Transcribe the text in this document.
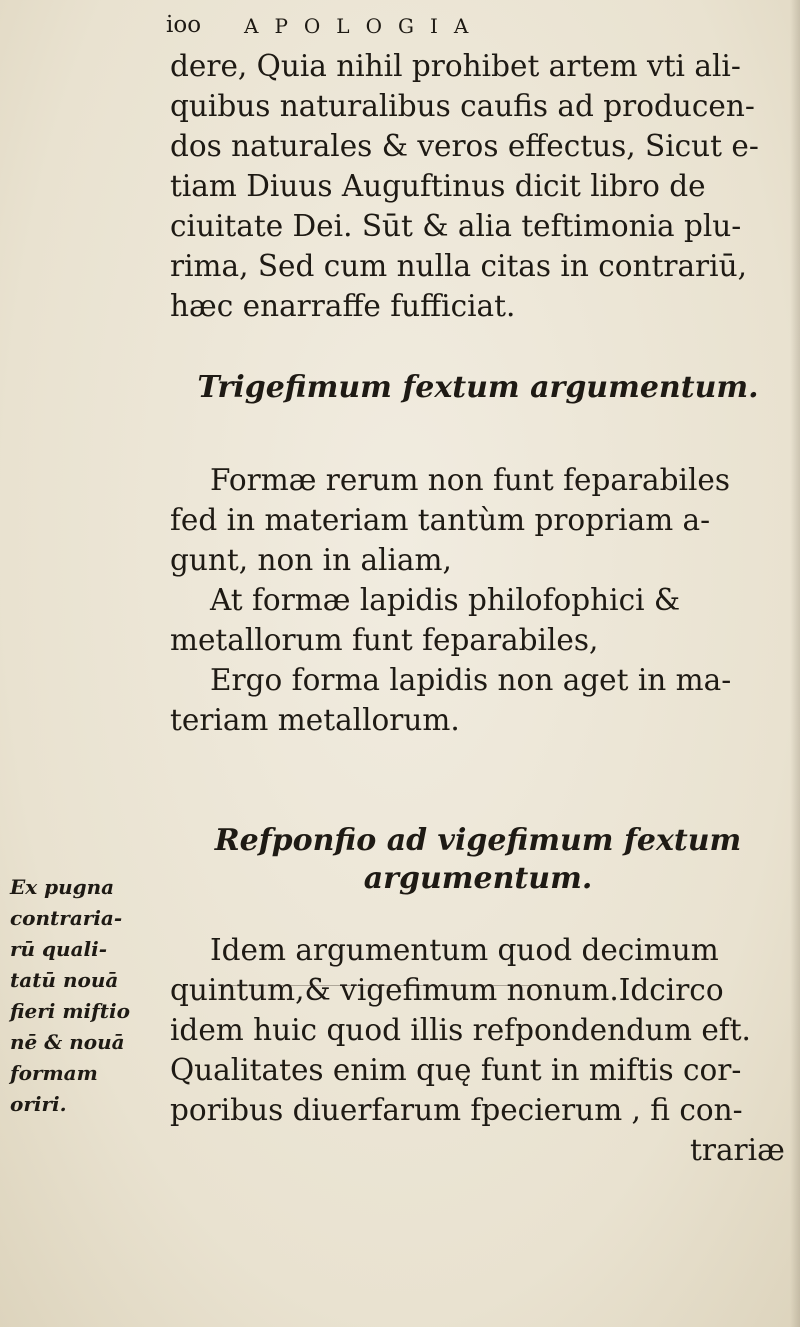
ioo APOLOGIA
dere, Quia nihil prohibet artem vti ali-
quibus naturalibus caufis ad producen-
dos naturales & veros effectus, Sicut e-
tiam Diuus Auguftinus dicit libro de
ciuitate Dei. Sūt & alia teftimonia plu-
rima, Sed cum nulla citas in contrariū,
hæc enarraffe fufficiat.
Trigefimum fextum argumentum.
Formæ rerum non funt feparabiles
fed in materiam tantùm propriam a-
gunt, non in aliam,
At formæ lapidis philofophici &
metallorum funt feparabiles,
Ergo forma lapidis non aget in ma-
teriam metallorum.
Refponfio ad vigefimum fextum
argumentum.
Ex pugna
contraria-
rū quali-
tatū nouā
fieri miftio
nē & nouā
formam
oriri.
Idem argumentum quod decimum
quintum,& vigefimum nonum.Idcirco
idem huic quod illis refpondendum eft.
Qualitates enim quę funt in miftis cor-
poribus diuerfarum fpecierum , fi con-
trariæ
